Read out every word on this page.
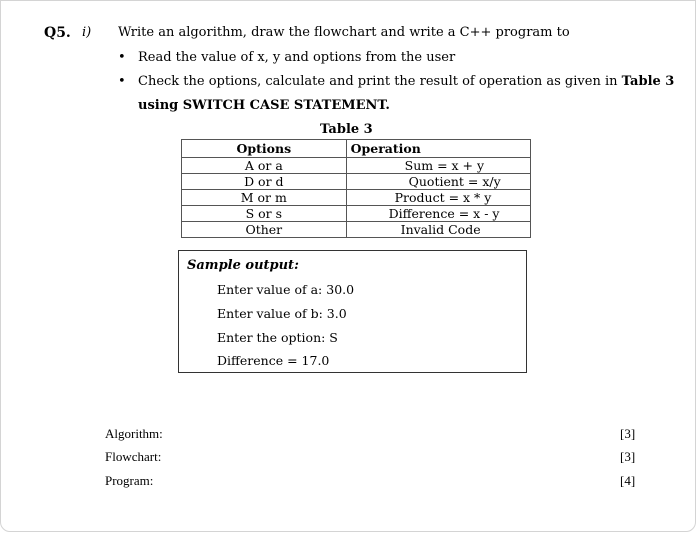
Q5. i) Write an algorithm, draw the flowchart and write a C++ program to
• Read the value of x, y and options from the user
• Check the options, calculate and print the result of operation as given in Table 3
using SWITCH CASE STATEMENT.
Table 3
Options	Operation
A or a	Sum = x + y

D or d	Quotient = x/y

M or m	Product = x * y

S or s	Difference = x - y

Other	Invalid Code
Sample output:
Enter value of a: 30.0
Enter value of b: 3.0
Enter the option: S
Difference = 17.0
Algorithm:	[3]
Flowchart:	[3]
Program:	[4]
